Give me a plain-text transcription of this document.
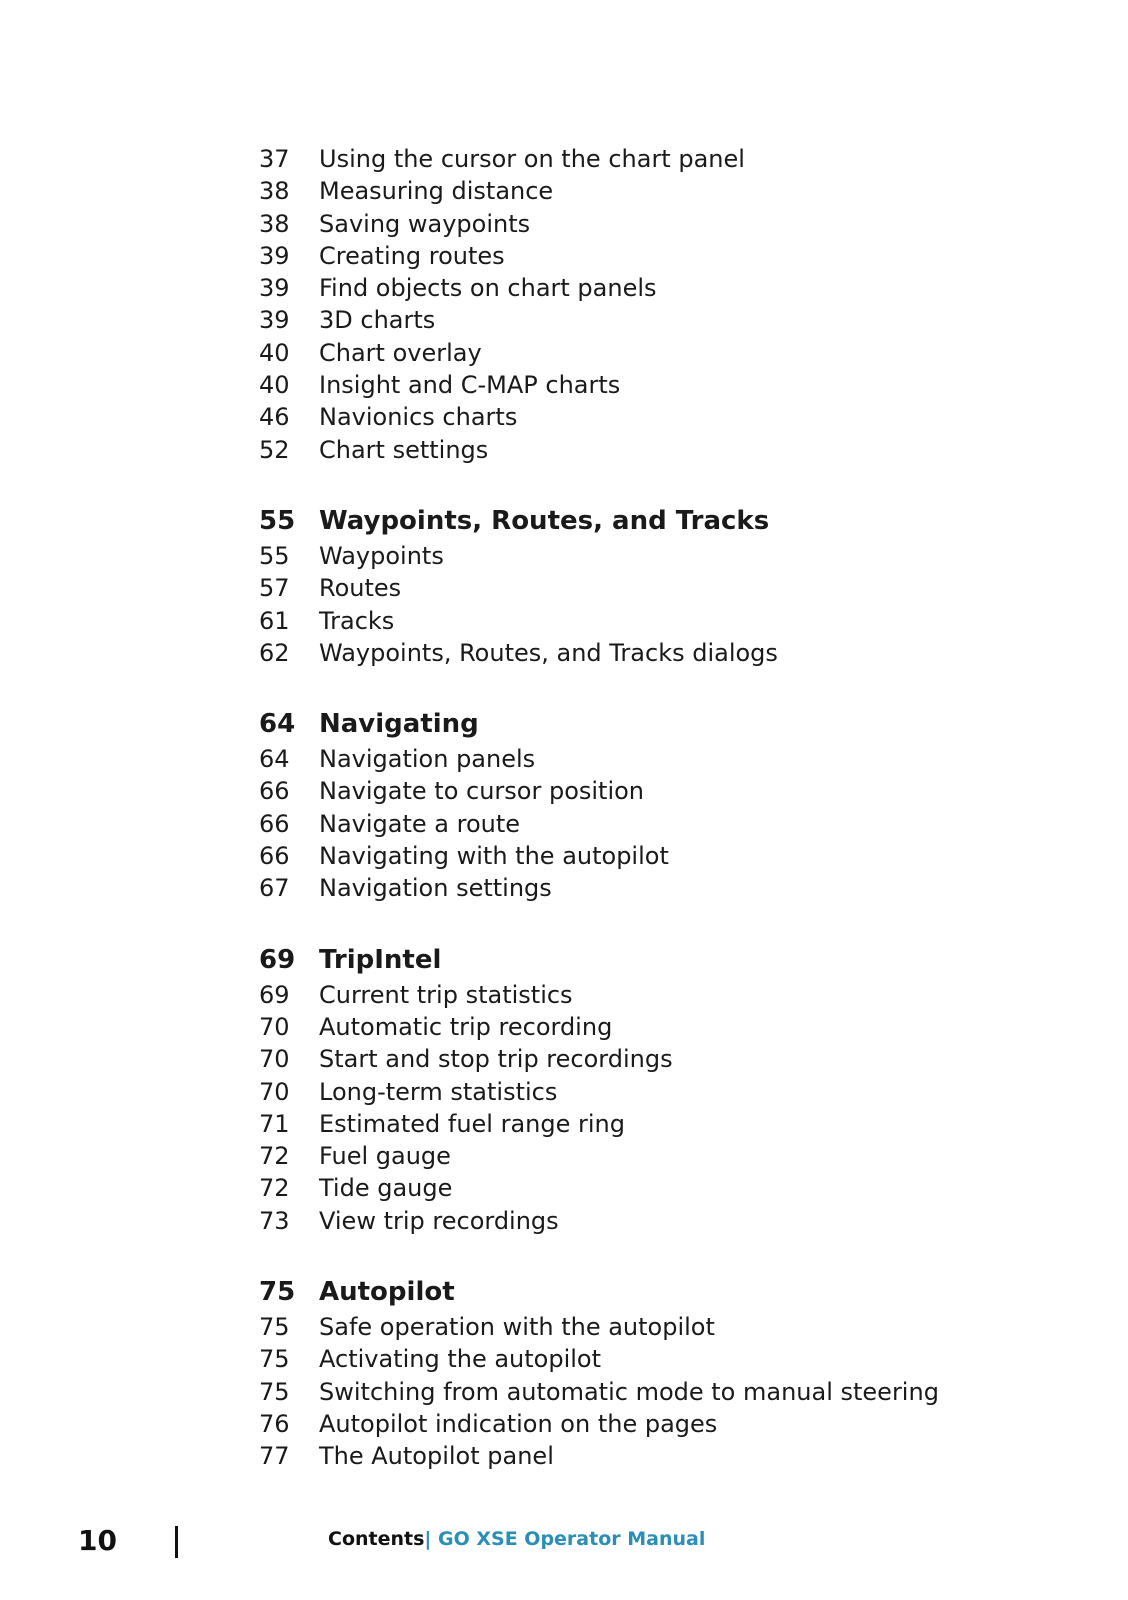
37	Using the cursor on the chart panel
38	Measuring distance
38	Saving waypoints
39	Creating routes
39	Find objects on chart panels
39	3D charts
40	Chart overlay
40	Insight and C-MAP charts
46	Navionics charts
52	Chart settings
55 Waypoints, Routes, and Tracks
55	Waypoints
57	Routes
61	Tracks
62	Waypoints, Routes, and Tracks dialogs
64 Navigating
64	Navigation panels
66	Navigate to cursor position
66	Navigate a route
66	Navigating with the autopilot
67	Navigation settings
69 TripIntel
69	Current trip statistics
70	Automatic trip recording
70	Start and stop trip recordings
70	Long-term statistics
71	Estimated fuel range ring
72	Fuel gauge
72	Tide gauge
73	View trip recordings
75 Autopilot
75	Safe operation with the autopilot
75	Activating the autopilot
75	Switching from automatic mode to manual steering
76	Autopilot indication on the pages
77	The Autopilot panel
10	Contents| GO XSE Operator Manual
